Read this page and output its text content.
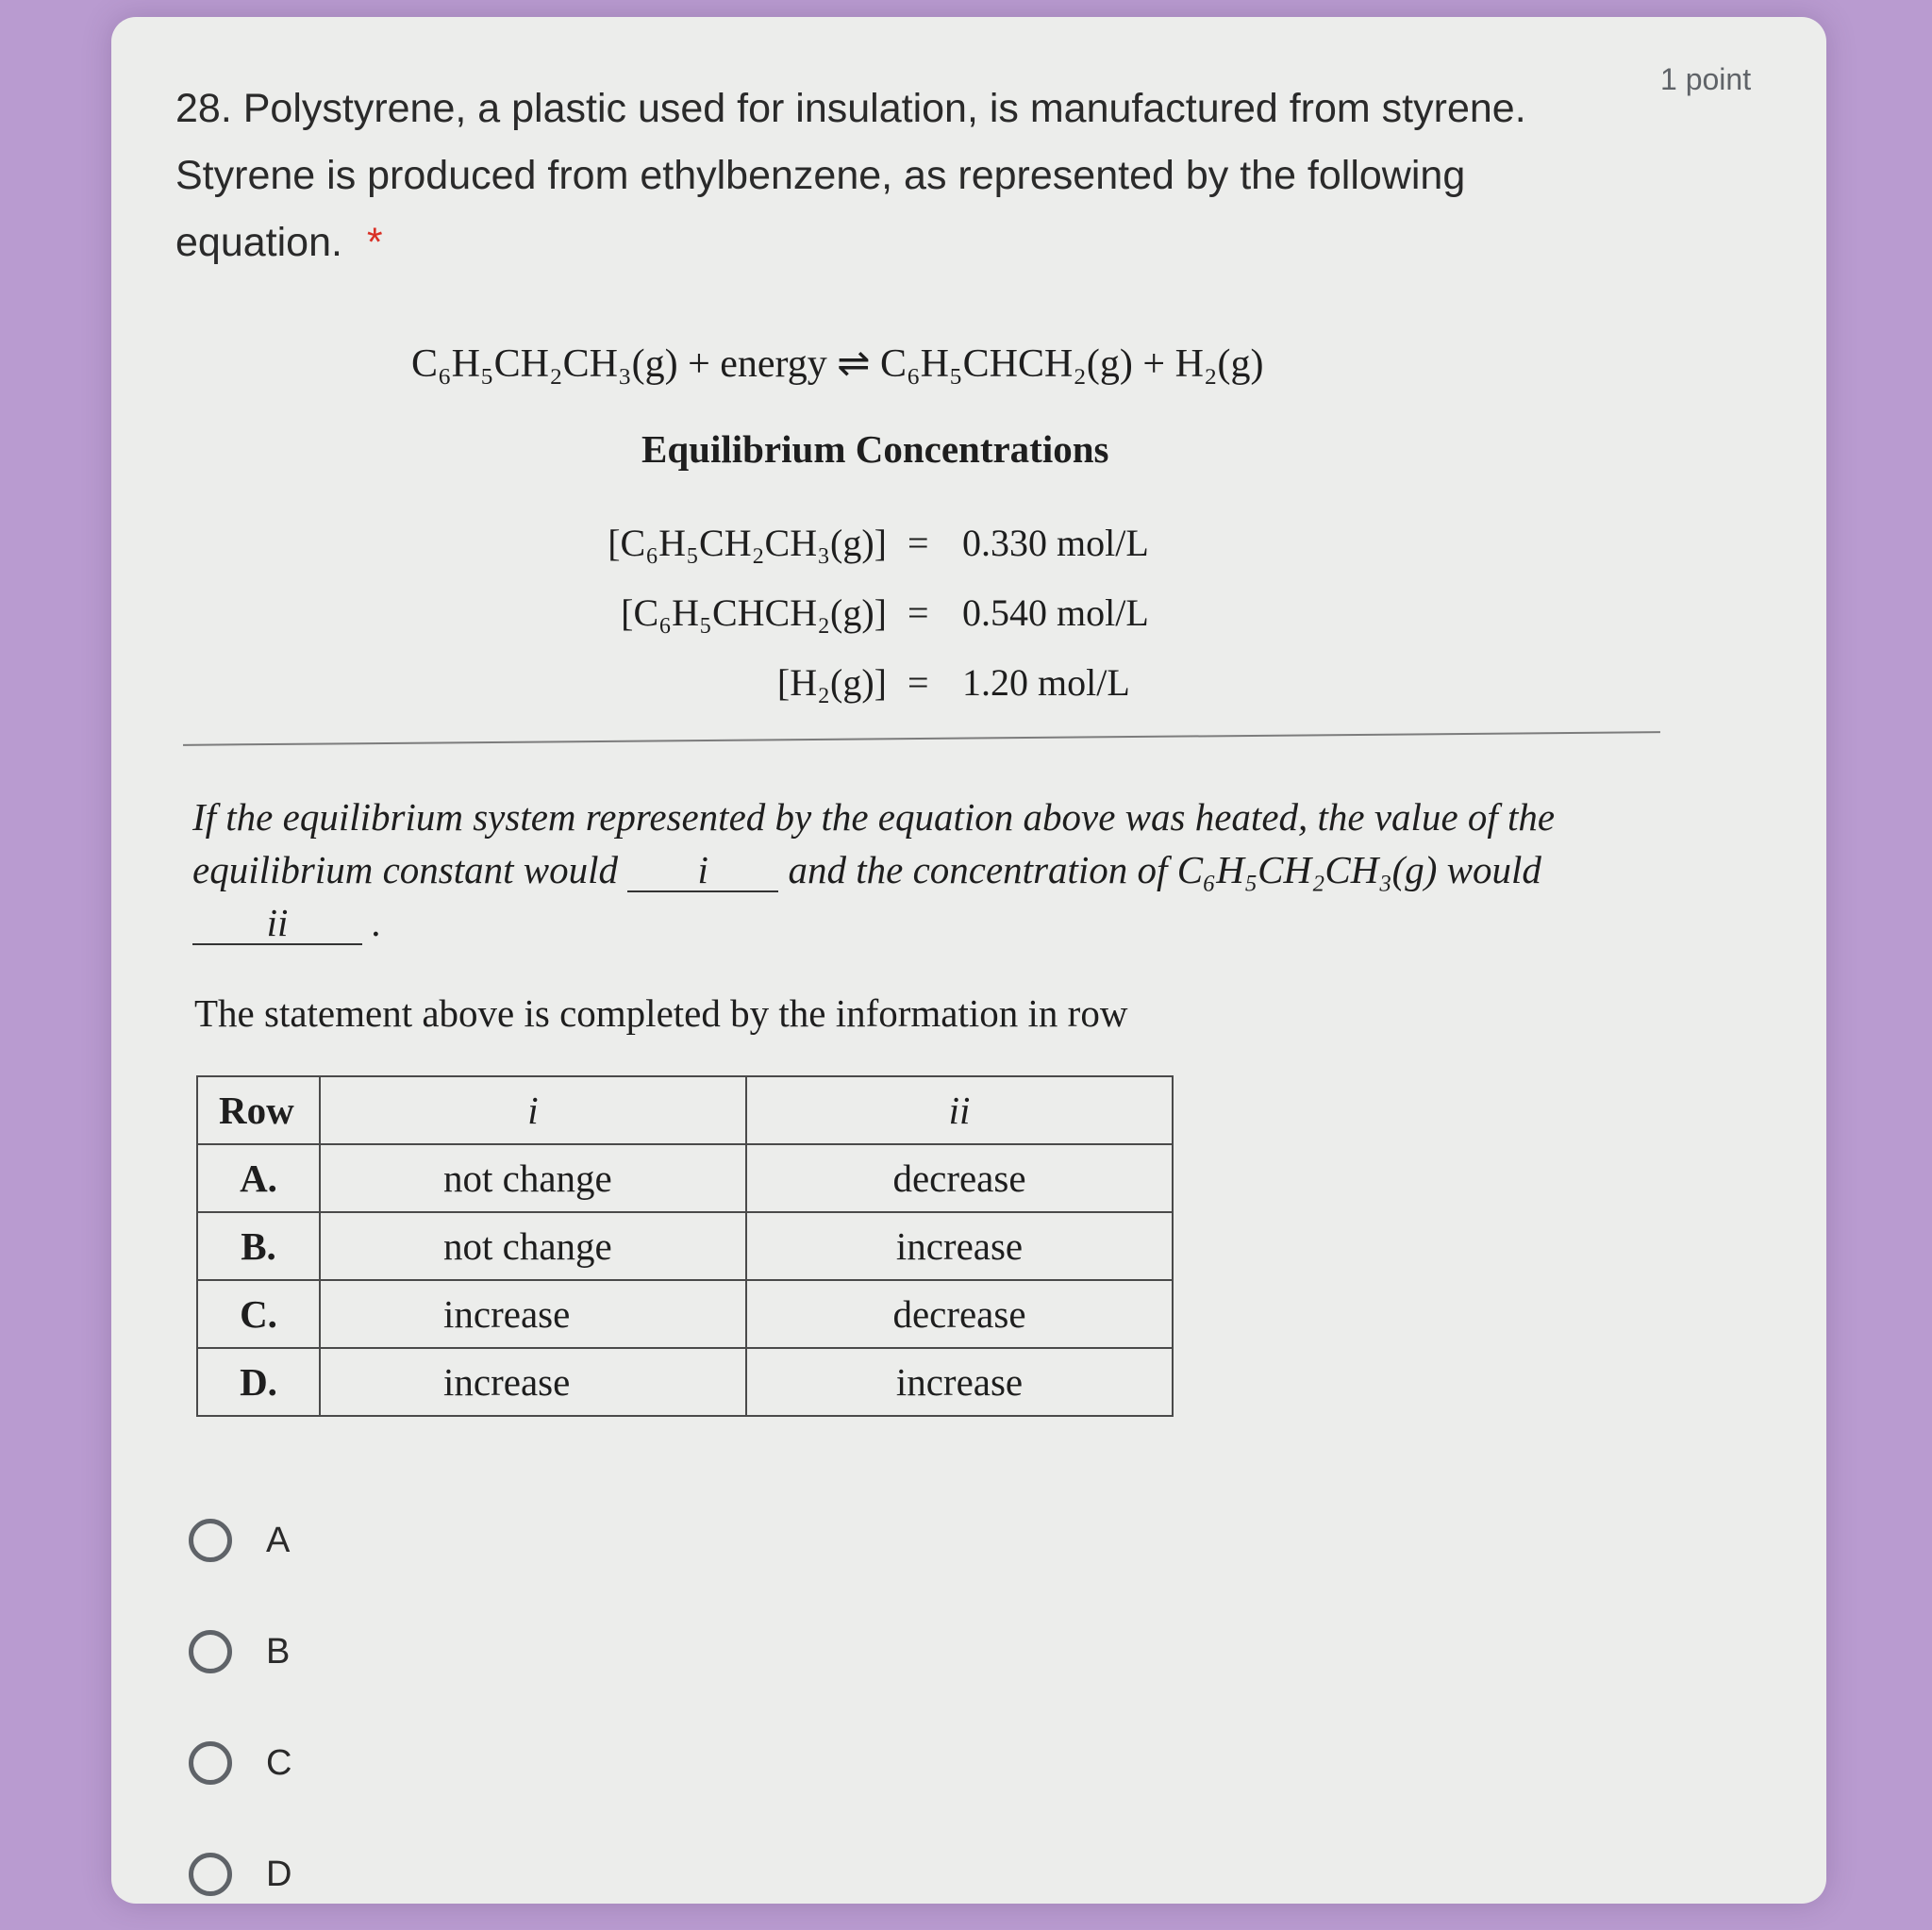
28. Polystyrene, a plastic used for insulation, is manufactured from styrene. Styrene is produced from ethylbenzene, as represented by the following equation. *
1 point
C₆H₅CH₂CH₃(g) + energy ⇌ C₆H₅CHCH₂(g) + H₂(g)
Equilibrium Concentrations
[C₆H₅CH₂CH₃(g)] = 0.330 mol/L
[C₆H₅CHCH₂(g)] = 0.540 mol/L
[H₂(g)] = 1.20 mol/L
If the equilibrium system represented by the equation above was heated, the value of the equilibrium constant would i and the concentration of C₆H₅CH₂CH₃(g) would
ii .
The statement above is completed by the information in row
Row	i	ii
A.	not change	decrease
B.	not change	increase
C.	increase	decrease
D.	increase	increase
A
B
C
D
